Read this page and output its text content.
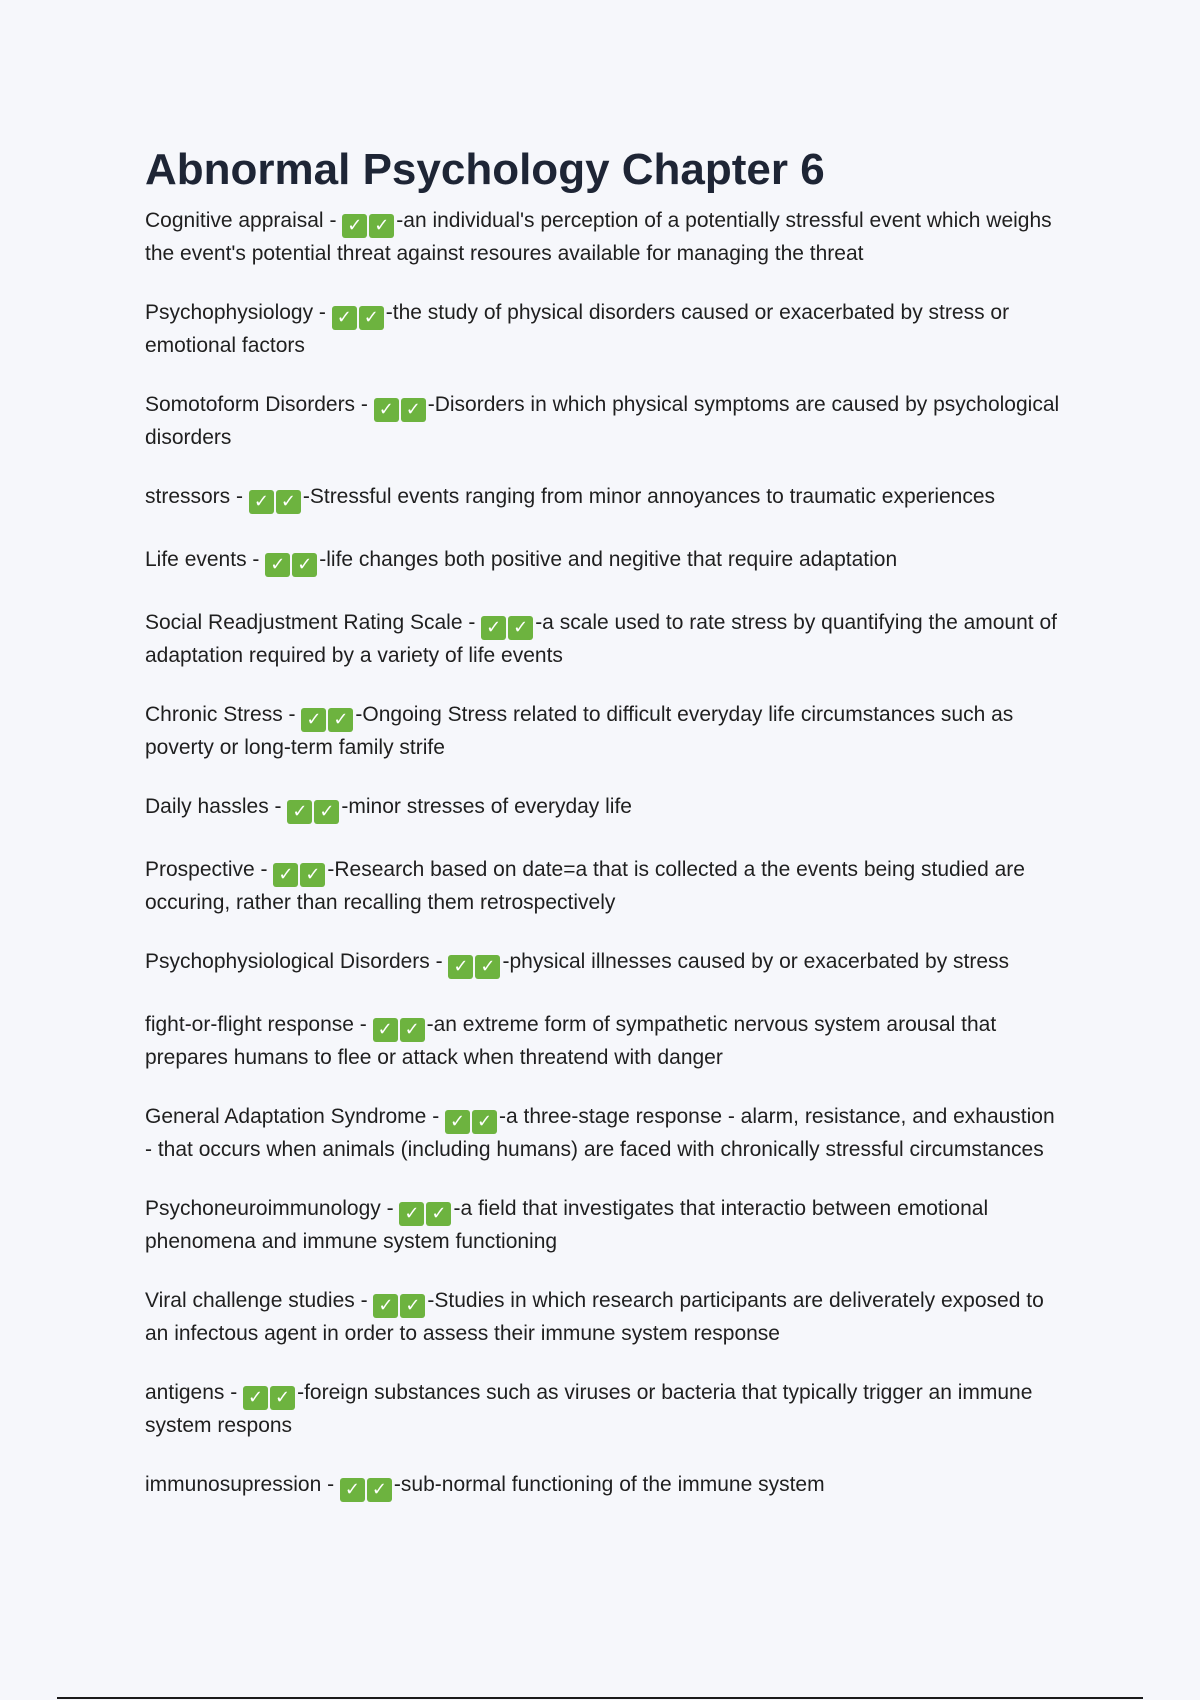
Abnormal Psychology Chapter 6
Cognitive appraisal - ✓ ✓ -an individual's perception of a potentially stressful event which weighs the event's potential threat against resoures available for managing the threat
Psychophysiology - ✓ ✓ -the study of physical disorders caused or exacerbated by stress or emotional factors
Somotoform Disorders - ✓ ✓ -Disorders in which physical symptoms are caused by psychological disorders
stressors - ✓ ✓ -Stressful events ranging from minor annoyances to traumatic experiences
Life events - ✓ ✓ -life changes both positive and negitive that require adaptation
Social Readjustment Rating Scale - ✓ ✓ -a scale used to rate stress by quantifying the amount of adaptation required by a variety of life events
Chronic Stress - ✓ ✓ -Ongoing Stress related to difficult everyday life circumstances such as poverty or long-term family strife
Daily hassles - ✓ ✓ -minor stresses of everyday life
Prospective - ✓ ✓ -Research based on date=a that is collected a the events being studied are occuring, rather than recalling them retrospectively
Psychophysiological Disorders - ✓ ✓ -physical illnesses caused by or exacerbated by stress
fight-or-flight response - ✓ ✓ -an extreme form of sympathetic nervous system arousal that prepares humans to flee or attack when threatend with danger
General Adaptation Syndrome - ✓ ✓ -a three-stage response - alarm, resistance, and exhaustion - that occurs when animals (including humans) are faced with chronically stressful circumstances
Psychoneuroimmunology - ✓ ✓ -a field that investigates that interactio between emotional phenomena and immune system functioning
Viral challenge studies - ✓ ✓ -Studies in which research participants are deliverately exposed to an infectous agent in order to assess their immune system response
antigens - ✓ ✓ -foreign substances such as viruses or bacteria that typically trigger an immune system respons
immunosupression - ✓ ✓ -sub-normal functioning of the immune system
